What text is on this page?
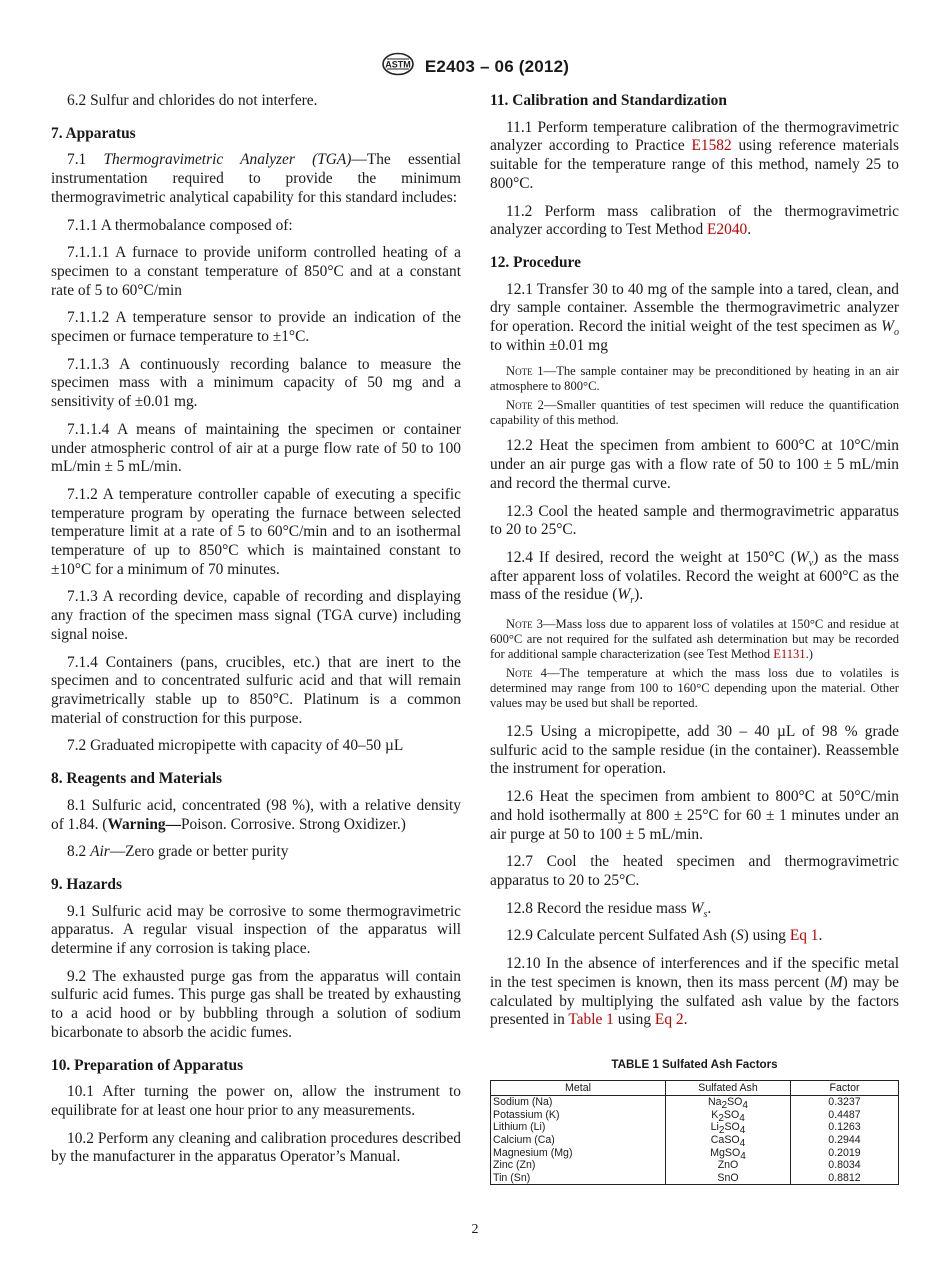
ASTM E2403 – 06 (2012)

6.2 Sulfur and chlorides do not interfere.

7. Apparatus

7.1 Thermogravimetric Analyzer (TGA)—The essential instrumentation required to provide the minimum thermogravimetric analytical capability for this standard includes:

7.1.1 A thermobalance composed of:

7.1.1.1 A furnace to provide uniform controlled heating of a specimen to a constant temperature of 850°C and at a constant rate of 5 to 60°C/min

7.1.1.2 A temperature sensor to provide an indication of the specimen or furnace temperature to ±1°C.

7.1.1.3 A continuously recording balance to measure the specimen mass with a minimum capacity of 50 mg and a sensitivity of ±0.01 mg.

7.1.1.4 A means of maintaining the specimen or container under atmospheric control of air at a purge flow rate of 50 to 100 mL/min ± 5 mL/min.

7.1.2 A temperature controller capable of executing a specific temperature program by operating the furnace between selected temperature limit at a rate of 5 to 60°C/min and to an isothermal temperature of up to 850°C which is maintained constant to ±10°C for a minimum of 70 minutes.

7.1.3 A recording device, capable of recording and displaying any fraction of the specimen mass signal (TGA curve) including signal noise.

7.1.4 Containers (pans, crucibles, etc.) that are inert to the specimen and to concentrated sulfuric acid and that will remain gravimetrically stable up to 850°C. Platinum is a common material of construction for this purpose.

7.2 Graduated micropipette with capacity of 40–50 µL

8. Reagents and Materials

8.1 Sulfuric acid, concentrated (98 %), with a relative density of 1.84. (Warning—Poison. Corrosive. Strong Oxidizer.)

8.2 Air—Zero grade or better purity

9. Hazards

9.1 Sulfuric acid may be corrosive to some thermogravimetric apparatus. A regular visual inspection of the apparatus will determine if any corrosion is taking place.

9.2 The exhausted purge gas from the apparatus will contain sulfuric acid fumes. This purge gas shall be treated by exhausting to a acid hood or by bubbling through a solution of sodium bicarbonate to absorb the acidic fumes.

10. Preparation of Apparatus

10.1 After turning the power on, allow the instrument to equilibrate for at least one hour prior to any measurements.

10.2 Perform any cleaning and calibration procedures described by the manufacturer in the apparatus Operator’s Manual.

11. Calibration and Standardization

11.1 Perform temperature calibration of the thermogravimetric analyzer according to Practice E1582 using reference materials suitable for the temperature range of this method, namely 25 to 800°C.

11.2 Perform mass calibration of the thermogravimetric analyzer according to Test Method E2040.

12. Procedure

12.1 Transfer 30 to 40 mg of the sample into a tared, clean, and dry sample container. Assemble the thermogravimetric analyzer for operation. Record the initial weight of the test specimen as $W_o$ to within ±0.01 mg

Note 1—The sample container may be preconditioned by heating in an air atmosphere to 800°C.

Note 2—Smaller quantities of test specimen will reduce the quantification capability of this method.

12.2 Heat the specimen from ambient to 600°C at 10°C/min under an air purge gas with a flow rate of 50 to 100 ± 5 mL/min and record the thermal curve.

12.3 Cool the heated sample and thermogravimetric apparatus to 20 to 25°C.

12.4 If desired, record the weight at 150°C $(W_v)$ as the mass after apparent loss of volatiles. Record the weight at 600°C as the mass of the residue $(W_r)$.

Note 3—Mass loss due to apparent loss of volatiles at 150°C and residue at 600°C are not required for the sulfated ash determination but may be recorded for additional sample characterization (see Test Method E1131.)

Note 4—The temperature at which the mass loss due to volatiles is determined may range from 100 to 160°C depending upon the material. Other values may be used but shall be reported.

12.5 Using a micropipette, add 30 – 40 µL of 98 % grade sulfuric acid to the sample residue (in the container). Reassemble the instrument for operation.

12.6 Heat the specimen from ambient to 800°C at 50°C/min and hold isothermally at 800 ± 25°C for 60 ± 1 minutes under an air purge at 50 to 100 ± 5 mL/min.

12.7 Cool the heated specimen and thermogravimetric apparatus to 20 to 25°C.

12.8 Record the residue mass $W_s$.

12.9 Calculate percent Sulfated Ash (S) using Eq 1.

12.10 In the absence of interferences and if the specific metal in the test specimen is known, then its mass percent (M) may be calculated by multiplying the sulfated ash value by the factors presented in Table 1 using Eq 2.

TABLE 1 Sulfated Ash Factors
Metal	Sulfated Ash	Factor
Sodium (Na)	$Na_2SO_4$	0.3237
Potassium (K)	$K_2SO_4$	0.4487
Lithium (Li)	$Li_2SO_4$	0.1263
Calcium (Ca)	CaSO$_4$	0.2944
Magnesium (Mg)	MgSO$_4$	0.2019
Zinc (Zn)	ZnO	0.8034
Tin (Sn)	SnO	0.8812
2
